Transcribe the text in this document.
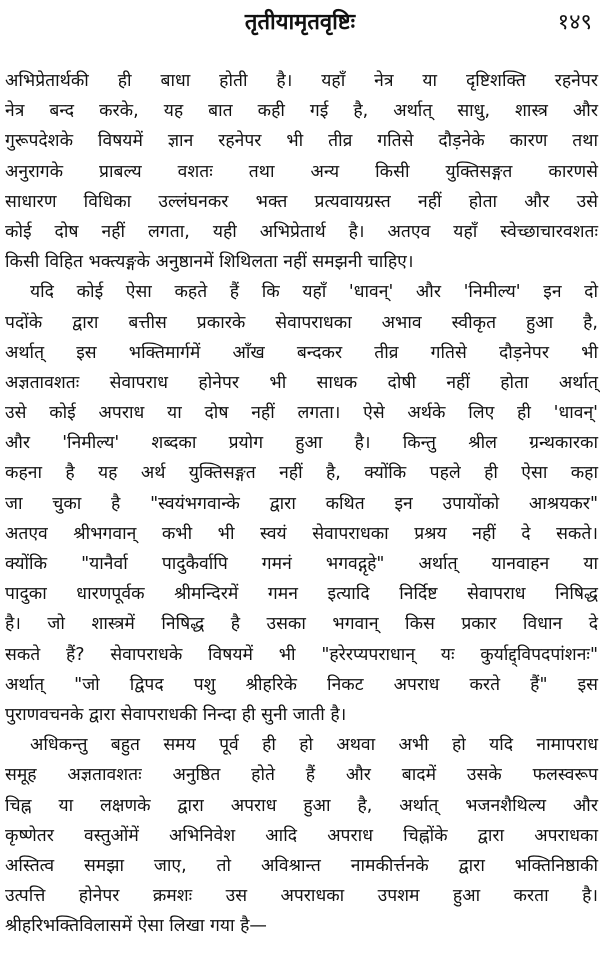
तृतीयामृतवृष्टिः	१४९
अभिप्रेतार्थकी ही बाधा होती है। यहाँ नेत्र या दृष्टिशक्ति रहनेपर
नेत्र बन्द करके, यह बात कही गई है, अर्थात् साधु, शास्त्र और
गुरूपदेशके विषयमें ज्ञान रहनेपर भी तीव्र गतिसे दौड़नेके कारण तथा
अनुरागके प्राबल्य वशतः तथा अन्य किसी युक्तिसङ्गत कारणसे
साधारण विधिका उल्लंघनकर भक्त प्रत्यवायग्रस्त नहीं होता और उसे
कोई दोष नहीं लगता, यही अभिप्रेतार्थ है। अतएव यहाँ स्वेच्छाचारवशतः
किसी विहित भक्त्यङ्गके अनुष्ठानमें शिथिलता नहीं समझनी चाहिए।
यदि कोई ऐसा कहते हैं कि यहाँ 'धावन्' और 'निमील्य' इन दो
पदोंके द्वारा बत्तीस प्रकारके सेवापराधका अभाव स्वीकृत हुआ है,
अर्थात् इस भक्तिमार्गमें आँख बन्दकर तीव्र गतिसे दौड़नेपर भी
अज्ञतावशतः सेवापराध होनेपर भी साधक दोषी नहीं होता अर्थात्
उसे कोई अपराध या दोष नहीं लगता। ऐसे अर्थके लिए ही 'धावन्'
और 'निमील्य' शब्दका प्रयोग हुआ है। किन्तु श्रील ग्रन्थकारका
कहना है यह अर्थ युक्तिसङ्गत नहीं है, क्योंकि पहले ही ऐसा कहा
जा चुका है "स्वयंभगवान्के द्वारा कथित इन उपायोंको आश्रयकर"
अतएव श्रीभगवान् कभी भी स्वयं सेवापराधका प्रश्रय नहीं दे सकते।
क्योंकि "यानैर्वा पादुकैर्वापि गमनं भगवद्गृहे" अर्थात् यानवाहन या
पादुका धारणपूर्वक श्रीमन्दिरमें गमन इत्यादि निर्दिष्ट सेवापराध निषिद्ध
है। जो शास्त्रमें निषिद्ध है उसका भगवान् किस प्रकार विधान दे
सकते हैं? सेवापराधके विषयमें भी "हरेरप्यपराधान् यः कुर्याद्द्विपदपांशनः"
अर्थात् "जो द्विपद पशु श्रीहरिके निकट अपराध करते हैं" इस
पुराणवचनके द्वारा सेवापराधकी निन्दा ही सुनी जाती है।
अधिकन्तु बहुत समय पूर्व ही हो अथवा अभी हो यदि नामापराध
समूह अज्ञतावशतः अनुष्ठित होते हैं और बादमें उसके फलस्वरूप
चिह्न या लक्षणके द्वारा अपराध हुआ है, अर्थात् भजनशैथिल्य और
कृष्णेतर वस्तुओंमें अभिनिवेश आदि अपराध चिह्नोंके द्वारा अपराधका
अस्तित्व समझा जाए, तो अविश्रान्त नामकीर्त्तनके द्वारा भक्तिनिष्ठाकी
उत्पत्ति होनेपर क्रमशः उस अपराधका उपशम हुआ करता है।
श्रीहरिभक्तिविलासमें ऐसा लिखा गया है—
